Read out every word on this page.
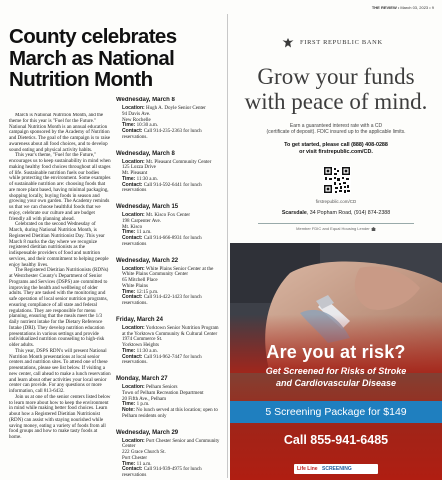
THE REVIEW • March 03, 2023 • 9
County celebrates March as National Nutrition Month

March is National Nutrition Month, and the theme for this year is "Fuel for the Future." National Nutrition Month is an annual education campaign sponsored by the Academy of Nutrition and Dietetics. The goal of the campaign is to raise awareness about all food choices, and to develop sound eating and physical activity habits.

This year's theme, "Fuel for the Future," encourages us to keep sustainability in mind when making healthy food choices throughout all stages of life. Sustainable nutrition fuels our bodies while protecting the environment. Some examples of sustainable nutrition are: choosing foods that are more plant based, having minimal packaging, shopping locally, buying foods in season and growing your own garden. The Academy reminds us that we can choose healthful foods that we enjoy, celebrate our culture and are budget friendly all with planning ahead.

Celebrated on the second Wednesday of March, during National Nutrition Month, is Registered Dietitian Nutritionist Day. This year March 8 marks the day where we recognize registered dietitian nutritionists as the indispensable providers of food and nutrition services, and their commitment to helping people enjoy healthy lives.

The Registered Dietitian Nutritionists (RDNs) at Westchester County's Department of Senior Programs and Services (DSPS) are committed to improving the health and wellbeing of older adults. They are tasked with the monitoring and safe operation of local senior nutrition programs, ensuring compliance of all state and federal regulations. They are responsible for menu planning, ensuring that the meals meet the 1/3 daily nutrient intake for the Dietary Reference Intake (DRI). They develop nutrition education presentations in various settings and provide individualized nutrition counseling to high-risk older adults.

This year, DSPS RDN's will present National Nutrition Month presentations at local senior centers and nutrition sites. To attend one of these presentations, please see list below. If visiting a new center, call ahead to make a lunch reservation and learn about other activities your local senior center can provide. For any questions or more information, call 813-6432.

Join us at one of the senior centers listed below to learn more about how to keep the environment in mind while making better food choices. Learn about how a Registered Dietitian Nutritionist (RDN) can assist with staying nourished while saving money, eating a variety of foods from all food groups and how to make tasty foods at home.

Wednesday, March 8
Location: Hugh A. Doyle Senior Center
94 Davis Ave.
New Rochelle
Time: 10:30 a.m.
Contact: Call 914-235-2363 for lunch reservations.
Wednesday, March 8
Location: Mt. Pleasant Community Center
125 Lozza Drive
Mt. Pleasant
Time: 11:30 a.m.
Contact: Call 914-592-6441 for lunch reservations
Wednesday, March 15
Location: Mt. Kisco Fox Center
198 Carpenter Ave.
Mt. Kisco
Time: 11 a.m.
Contact: Call 914-666-8931 for lunch reservations
Wednesday, March 22
Location: White Plains Senior Center at the White Plains Community Center
65 Mitchell Place
White Plains
Time: 12:15 p.m.
Contact: Call 914-422-1423 for lunch reservations.
Friday, March 24
Location: Yorktown Senior Nutrition Program at the Yorktown Community & Cultural Center
1974 Commerce St.
Yorktown Heights
Time: 11:30 a.m.
Contact: Call 914-962-7447 for lunch reservations.
Monday, March 27
Location: Pelham Seniors
Town of Pelham Recreation Department
20 Fifth Ave., Pelham
Time: 1 p.m.
Note: No lunch served at this location; open to Pelham residents only
Wednesday, March 29
Location: Port Chester Senior and Community Center
222 Grace Church St.
Port Chester
Time: 11 a.m.
Contact: Call 914-939-4975 for lunch reservations
FIRST REPUBLIC BANK
Grow your funds
with peace of mind.
Earn a guaranteed interest rate with a CD
(certificate of deposit). FDIC insured up to the applicable limits.
To get started, please call (888) 408-0288
or visit firstrepublic.com/CD.
firstrepublic.com/CD
Scarsdale, 34 Popham Road, (914) 874-2388
Member FDIC and Equal Housing Lender
Are you at risk?
Get Screened for Risks of Stroke
and Cardiovascular Disease
5 Screening Package for $149
Call 855-941-6485
Life Line SCREENING
